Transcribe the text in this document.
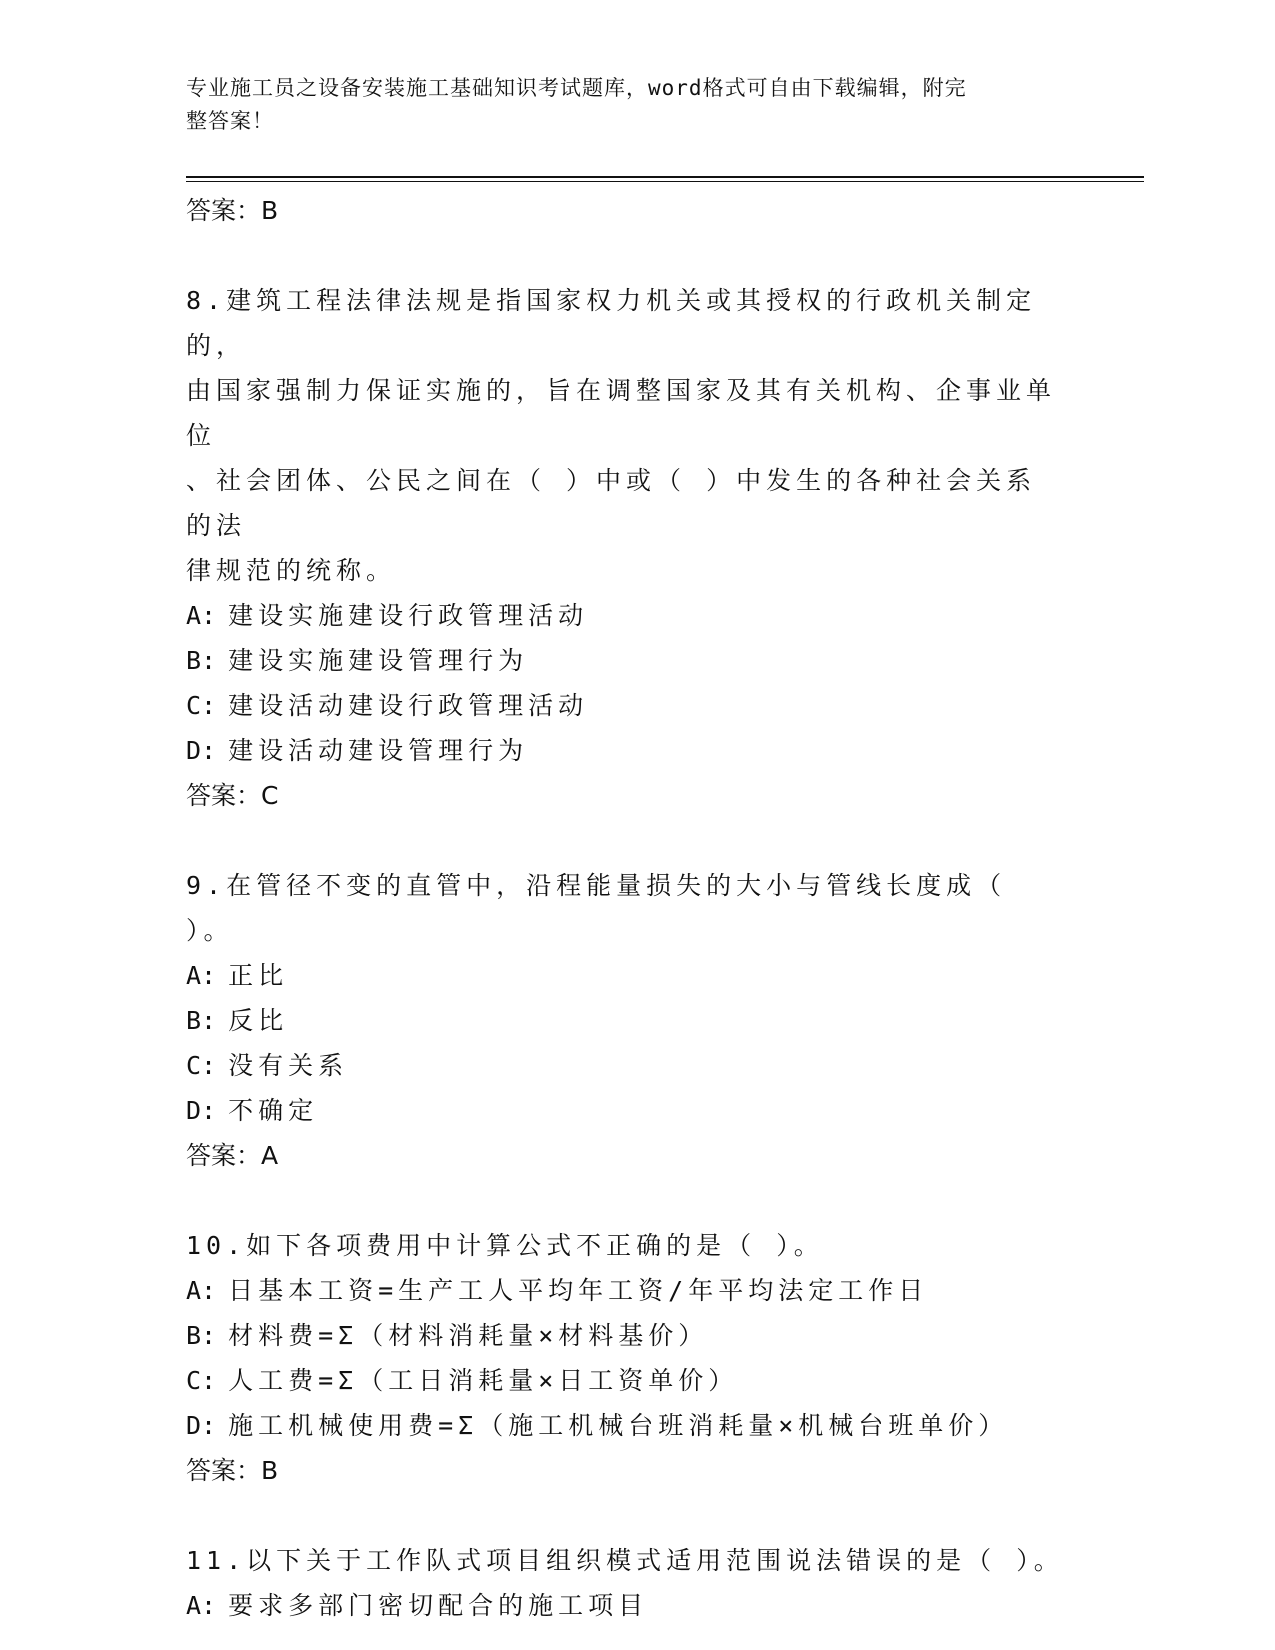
专业施工员之设备安装施工基础知识考试题库，word格式可自由下载编辑，附完
整答案！

答案：B

8.建筑工程法律法规是指国家权力机关或其授权的行政机关制定的，

由国家强制力保证实施的，旨在调整国家及其有关机构、企事业单位

、社会团体、公民之间在（ ）中或（ ）中发生的各种社会关系的法

律规范的统称。

A: 建设实施建设行政管理活动

B: 建设实施建设管理行为

C: 建设活动建设行政管理活动

D: 建设活动建设管理行为

答案：C

9.在管径不变的直管中，沿程能量损失的大小与管线长度成（ ）。

A: 正比

B: 反比

C: 没有关系

D: 不确定

答案：A

10.如下各项费用中计算公式不正确的是（ ）。

A: 日基本工资=生产工人平均年工资/年平均法定工作日

B: 材料费=Σ（材料消耗量×材料基价）

C: 人工费=Σ（工日消耗量×日工资单价）

D: 施工机械使用费=Σ（施工机械台班消耗量×机械台班单价）

答案：B

11.以下关于工作队式项目组织模式适用范围说法错误的是（ ）。

A: 要求多部门密切配合的施工项目
